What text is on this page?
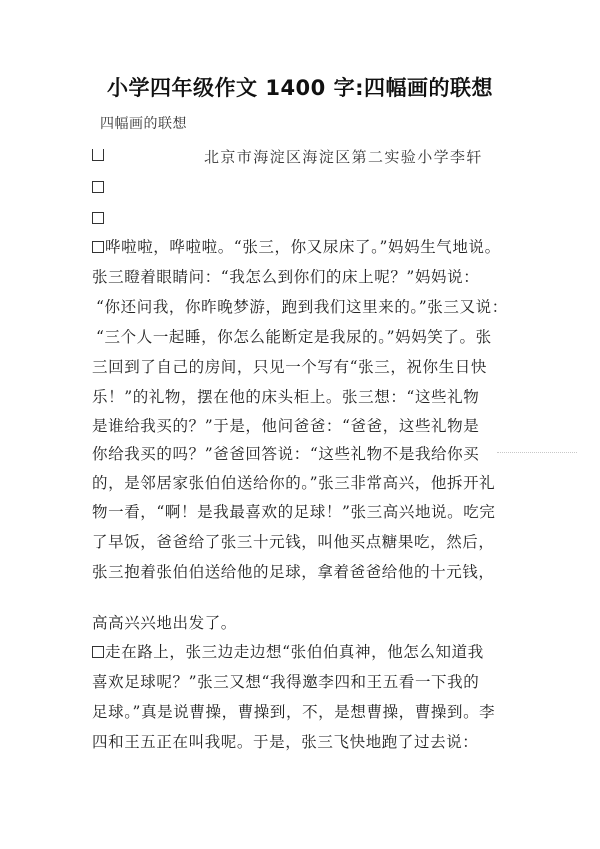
小学四年级作文 1400 字:四幅画的联想
四幅画的联想
北京市海淀区海淀区第二实验小学李轩
哗啦啦，哗啦啦。“张三，你又尿床了。”妈妈生气地说。
张三瞪着眼睛问：“我怎么到你们的床上呢？”妈妈说：
“你还问我，你昨晚梦游，跑到我们这里来的。”张三又说：
“三个人一起睡，你怎么能断定是我尿的。”妈妈笑了。张
三回到了自己的房间，只见一个写有“张三，祝你生日快
乐！”的礼物，摆在他的床头柜上。张三想：“这些礼物
是谁给我买的？”于是，他问爸爸：“爸爸，这些礼物是
你给我买的吗？”爸爸回答说：“这些礼物不是我给你买
的，是邻居家张伯伯送给你的。”张三非常高兴，他拆开礼
物一看，“啊！是我最喜欢的足球！”张三高兴地说。吃完
了早饭，爸爸给了张三十元钱，叫他买点糖果吃，然后，
张三抱着张伯伯送给他的足球，拿着爸爸给他的十元钱，
高高兴兴地出发了。
走在路上，张三边走边想“张伯伯真神，他怎么知道我
喜欢足球呢？”张三又想“我得邀李四和王五看一下我的
足球。”真是说曹操，曹操到，不，是想曹操，曹操到。李
四和王五正在叫我呢。于是，张三飞快地跑了过去说：
